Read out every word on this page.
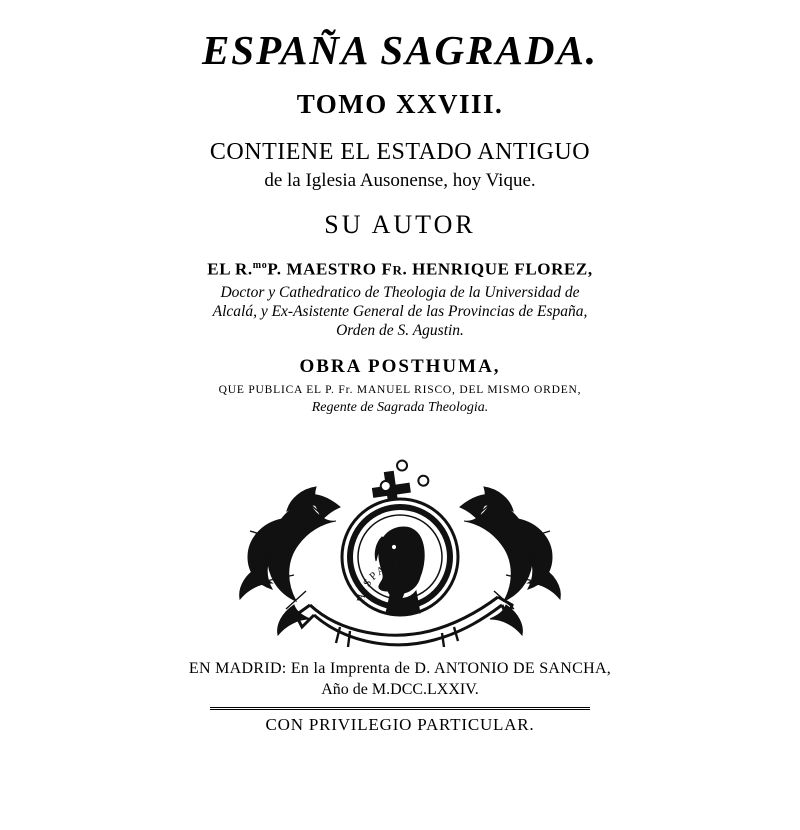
ESPAÑA SAGRADA.
TOMO XXVIII.
CONTIENE EL ESTADO ANTIGUO
de la Iglesia Ausonense, hoy Vique.
SU AUTOR
EL R.$^{mo}$P. MAESTRO FR. HENRIQUE FLOREZ,
Doctor y Cathedratico de Theologia de la Universidad de
Alcalá, y Ex-Asistente General de las Provincias de España,
Orden de S. Agustin.
OBRA POSTHUMA,
QUE PUBLICA EL P. Fr. MANUEL RISCO, DEL MISMO ORDEN,
Regente de Sagrada Theologia.
HISPANIA
EN MADRID: En la Imprenta de D. ANTONIO DE SANCHA,
Año de M.DCC.LXXIV.
CON PRIVILEGIO PARTICULAR.
